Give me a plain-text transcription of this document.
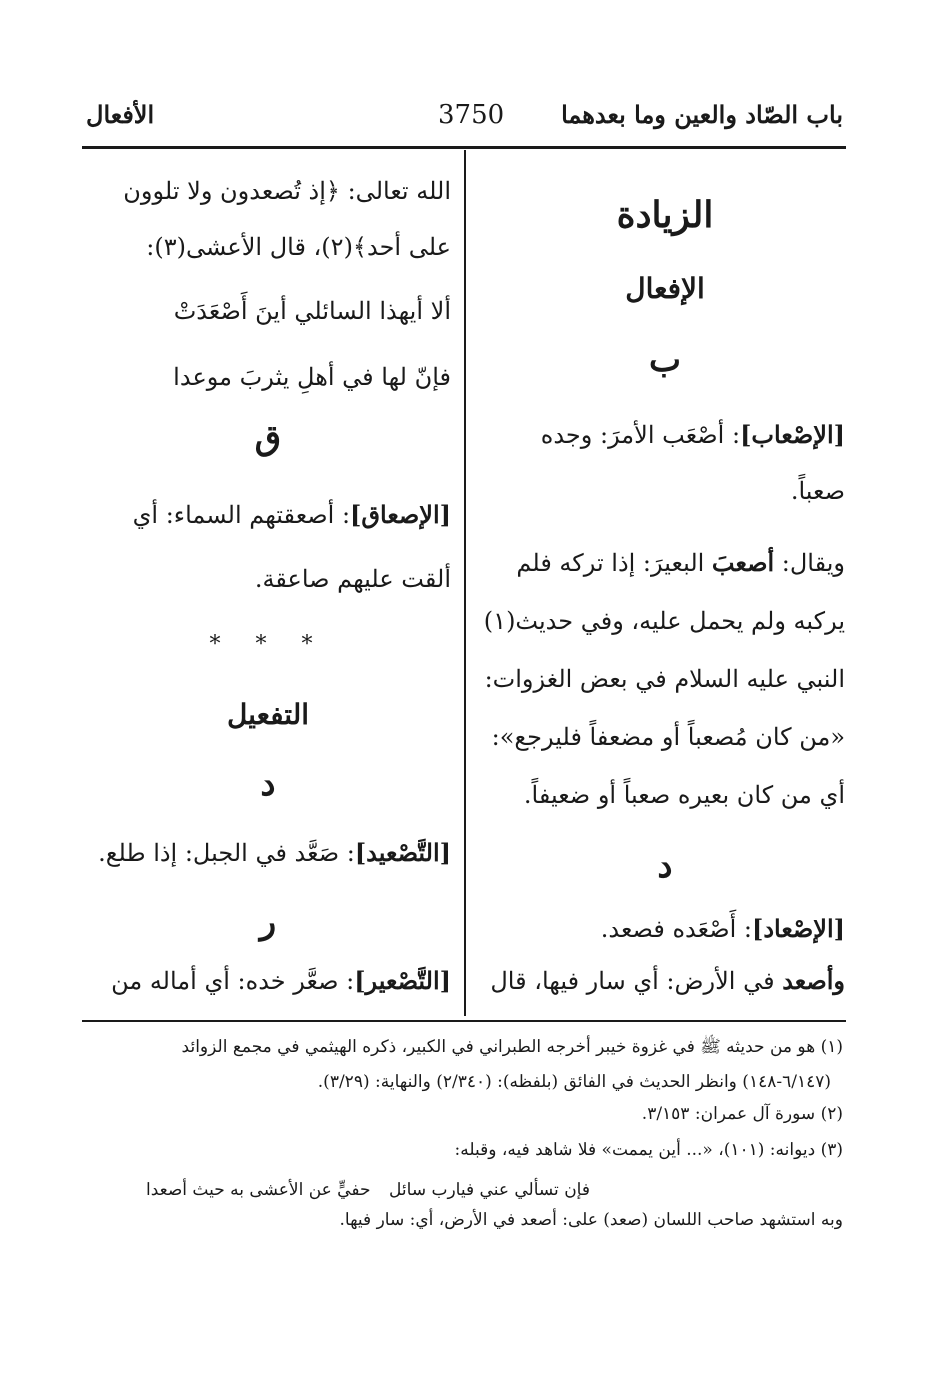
باب الصّاد والعين وما بعدهما
3750
الأفعال
الزيادة
الإفعال
ب
[الإصْعاب]: أصْعَب الأمرَ: وجده
صعباً.
ويقال: أصعبَ البعيرَ: إذا تركه فلم
يركبه ولم يحمل عليه، وفي حديث(١)
النبي عليه السلام في بعض الغزوات:
«من كان مُصعباً أو مضعفاً فليرجع»:
أي من كان بعيره صعباً أو ضعيفاً.
د
[الإصْعاد]: أَصْعَده فصعد.
وأصعد في الأرض: أي سار فيها، قال
الله تعالى: ﴿إذ تُصعدون ولا تلوون
على أحد﴾(٢)، قال الأعشى(٣):
ألا أيهذا السائلي أينَ أَصْعَدَتْ
فإنّ لها في أهلِ يثربَ موعدا
ق
[الإصعاق]: أصعقتهم السماء: أي
ألقت عليهم صاعقة.
* * *
التفعيل
د
[التَّصْعيد]: صَعَّد في الجبل: إذا طلع.
ر
[التَّصْعير]: صعَّر خده: أي أماله من
(١) هو من حديثه ﷺ في غزوة خيبر أخرجه الطبراني في الكبير، ذكره الهيثمي في مجمع الزوائد
(٦/١٤٧-١٤٨) وانظر الحديث في الفائق (بلفظه): (٢/٣٤٠) والنهاية: (٣/٢٩).
(٢) سورة آل عمران: ٣/١٥٣.
(٣) ديوانه: (١٠١)، «... أين يممت» فلا شاهد فيه، وقبله:
فإن تسألي عني فيارب سائل
حفيٍّ عن الأعشى به حيث أصعدا
وبه استشهد صاحب اللسان (صعد) على: أصعد في الأرض، أي: سار فيها.
